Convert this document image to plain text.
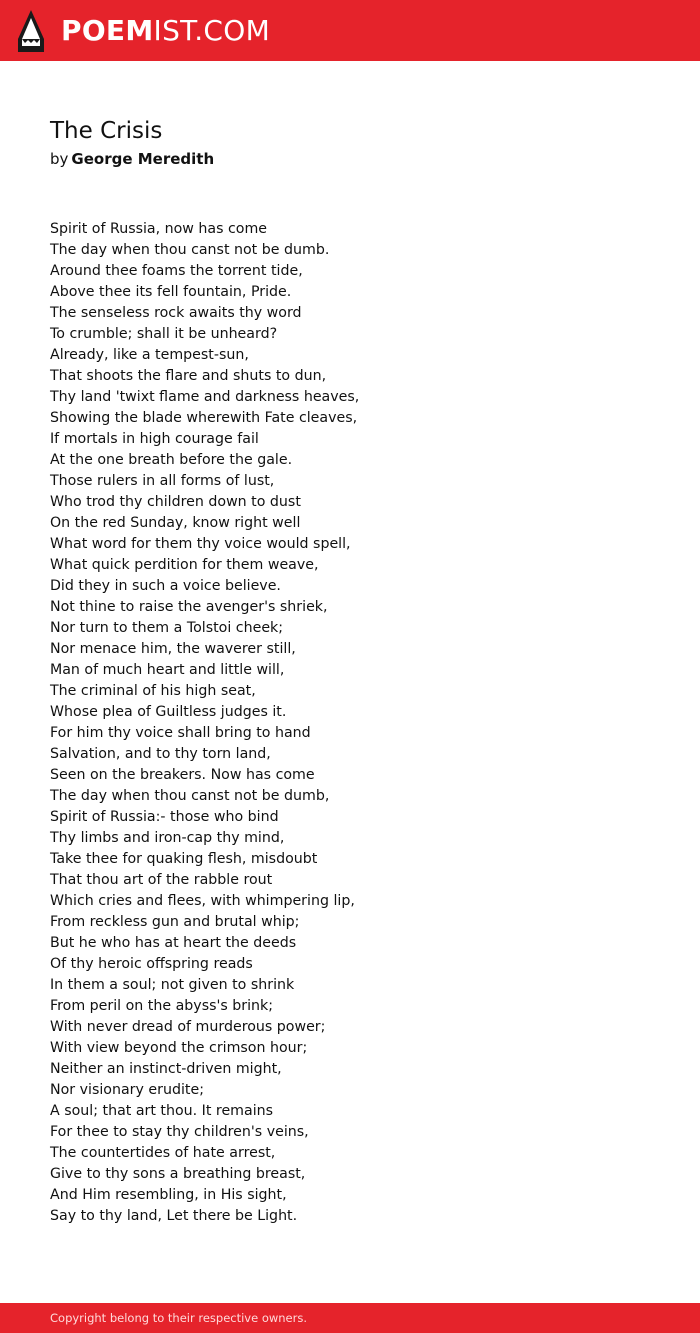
POEMIST.COM
The Crisis
by George Meredith
Spirit of Russia, now has come
The day when thou canst not be dumb.
Around thee foams the torrent tide,
Above thee its fell fountain, Pride.
The senseless rock awaits thy word
To crumble; shall it be unheard?
Already, like a tempest-sun,
That shoots the flare and shuts to dun,
Thy land 'twixt flame and darkness heaves,
Showing the blade wherewith Fate cleaves,
If mortals in high courage fail
At the one breath before the gale.
Those rulers in all forms of lust,
Who trod thy children down to dust
On the red Sunday, know right well
What word for them thy voice would spell,
What quick perdition for them weave,
Did they in such a voice believe.
Not thine to raise the avenger's shriek,
Nor turn to them a Tolstoi cheek;
Nor menace him, the waverer still,
Man of much heart and little will,
The criminal of his high seat,
Whose plea of Guiltless judges it.
For him thy voice shall bring to hand
Salvation, and to thy torn land,
Seen on the breakers. Now has come
The day when thou canst not be dumb,
Spirit of Russia:- those who bind
Thy limbs and iron-cap thy mind,
Take thee for quaking flesh, misdoubt
That thou art of the rabble rout
Which cries and flees, with whimpering lip,
From reckless gun and brutal whip;
But he who has at heart the deeds
Of thy heroic offspring reads
In them a soul; not given to shrink
From peril on the abyss's brink;
With never dread of murderous power;
With view beyond the crimson hour;
Neither an instinct-driven might,
Nor visionary erudite;
A soul; that art thou. It remains
For thee to stay thy children's veins,
The countertides of hate arrest,
Give to thy sons a breathing breast,
And Him resembling, in His sight,
Say to thy land, Let there be Light.
Copyright belong to their respective owners.
